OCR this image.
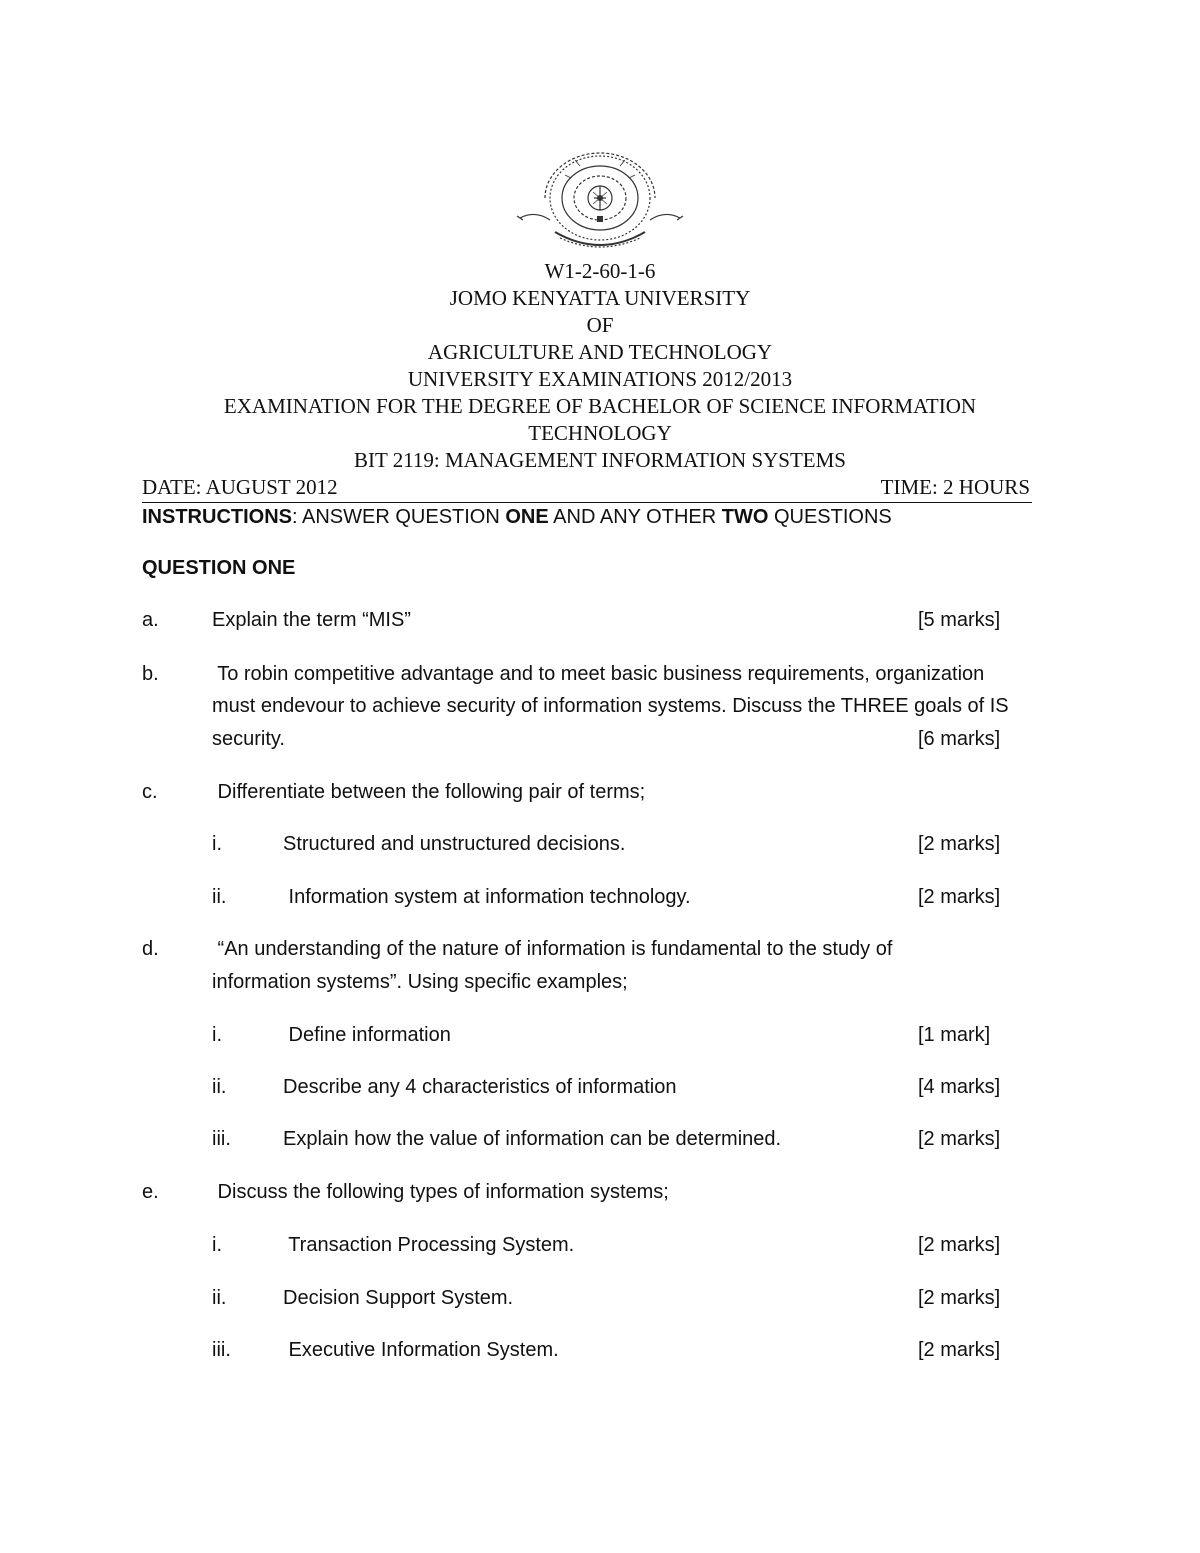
W1-2-60-1-6
JOMO KENYATTA UNIVERSITY
OF
AGRICULTURE AND TECHNOLOGY
UNIVERSITY EXAMINATIONS 2012/2013
EXAMINATION FOR THE DEGREE OF BACHELOR OF SCIENCE INFORMATION
TECHNOLOGY
BIT 2119: MANAGEMENT INFORMATION SYSTEMS
DATE: AUGUST 2012	TIME: 2 HOURS
INSTRUCTIONS: ANSWER QUESTION ONE AND ANY OTHER TWO QUESTIONS
QUESTION ONE
a.	Explain the term “MIS”	[5 marks]
b.	To robin competitive advantage and to meet basic business requirements, organization
must endevour to achieve security of information systems. Discuss the THREE goals of IS
security.	[6 marks]
c.	Differentiate between the following pair of terms;
i.	Structured and unstructured decisions.	[2 marks]
ii.	Information system at information technology.	[2 marks]
d.	“An understanding of the nature of information is fundamental to the study of
information systems”. Using specific examples;
i.	Define information	[1 mark]
ii.	Describe any 4 characteristics of information	[4 marks]
iii.	Explain how the value of information can be determined.	[2 marks]
e.	Discuss the following types of information systems;
i.	Transaction Processing System.	[2 marks]
ii.	Decision Support System.	[2 marks]
iii.	Executive Information System.	[2 marks]
